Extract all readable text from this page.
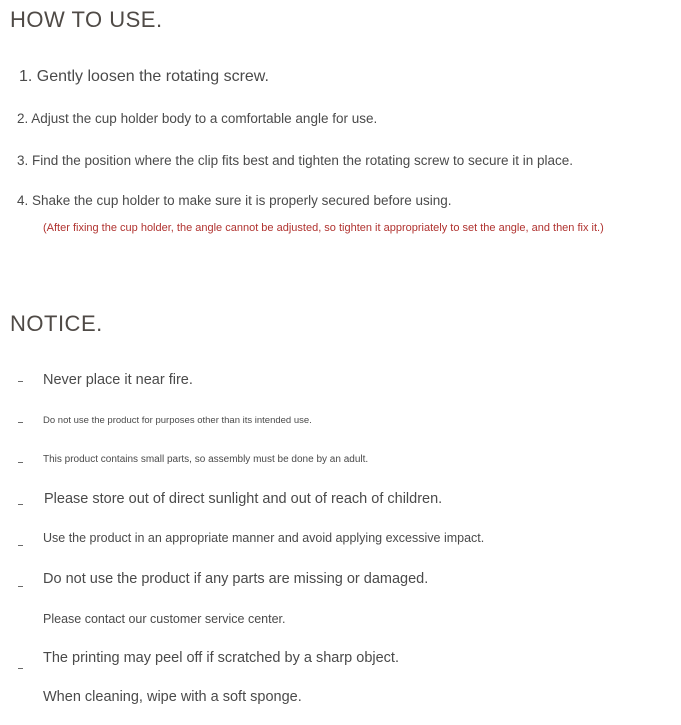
HOW TO USE.
1. Gently loosen the rotating screw.
2. Adjust the cup holder body to a comfortable angle for use.
3. Find the position where the clip fits best and tighten the rotating screw to secure it in place.
4. Shake the cup holder to make sure it is properly secured before using.
(After fixing the cup holder, the angle cannot be adjusted, so tighten it appropriately to set the angle, and then fix it.)
NOTICE.
Never place it near fire.
Do not use the product for purposes other than its intended use.
This product contains small parts, so assembly must be done by an adult.
Please store out of direct sunlight and out of reach of children.
Use the product in an appropriate manner and avoid applying excessive impact.
Do not use the product if any parts are missing or damaged.
Please contact our customer service center.
The printing may peel off if scratched by a sharp object.
When cleaning, wipe with a soft sponge.
